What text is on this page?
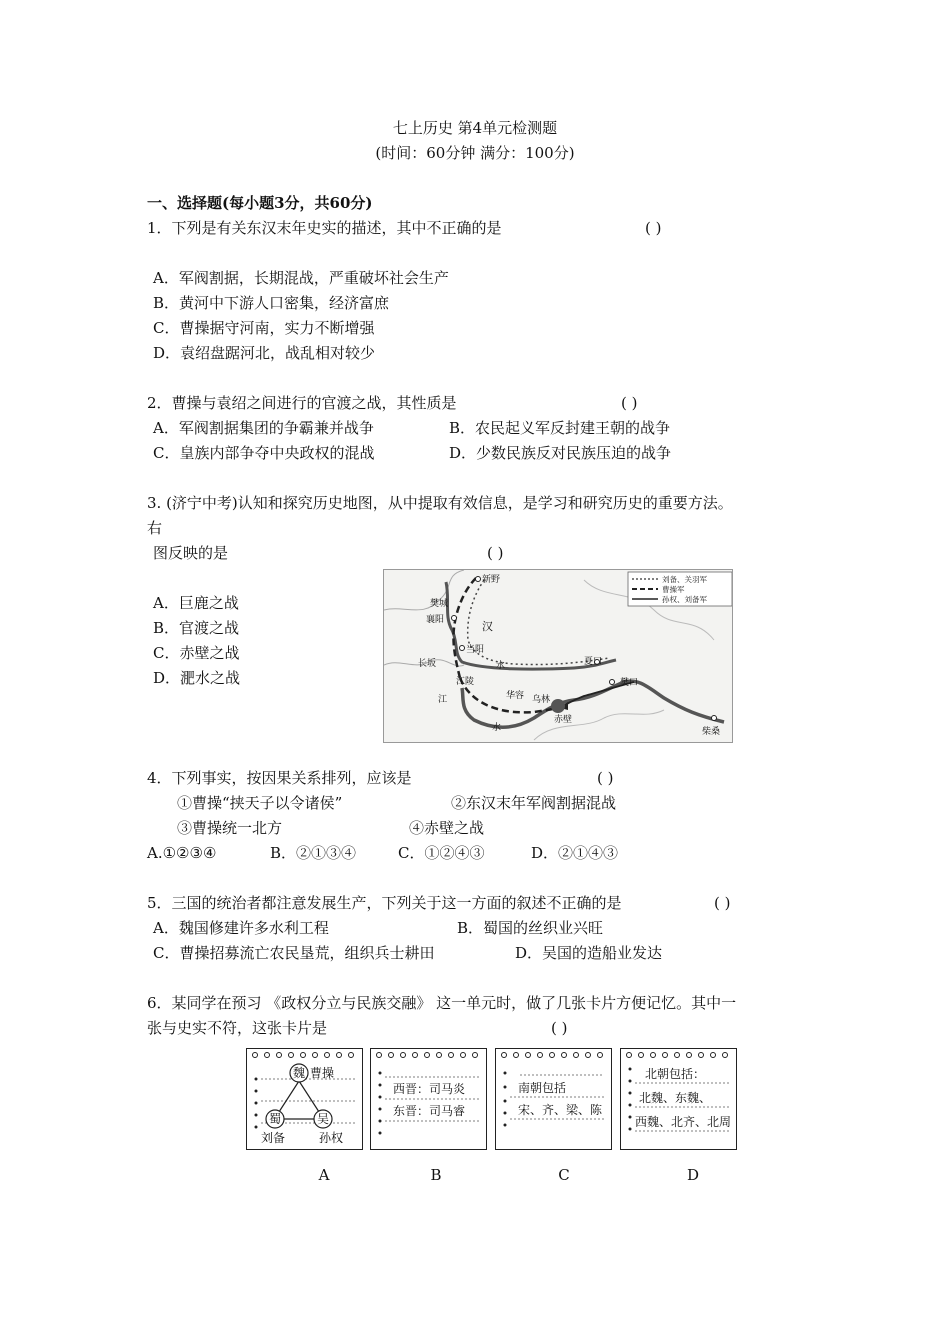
七上历史 第4单元检测题
(时间：60分钟 满分：100分)
一、选择题(每小题3分，共60分)
1．下列是有关东汉末年史实的描述，其中不正确的是	( )
A．军阀割据，长期混战，严重破坏社会生产
B．黄河中下游人口密集，经济富庶
C．曹操据守河南，实力不断增强
D．袁绍盘踞河北，战乱相对较少
2．曹操与袁绍之间进行的官渡之战，其性质是	( )
A．军阀割据集团的争霸兼并战争	B．农民起义军反封建王朝的战争
C．皇族内部争夺中央政权的混战	D．少数民族反对民族压迫的战争
3. (济宁中考)认知和探究历史地图，从中提取有效信息，是学习和研究历史的重要方法。
右
图反映的是	( )
A．巨鹿之战
B．官渡之战
C．赤壁之战
D．淝水之战
刘备、关羽军
曹操军
孙权、刘备军
新野
樊城
襄阳
当阳
长坂
江陵
汉
水	夏口
樊口
华容 乌林
赤壁
江
水	柴桑
4．下列事实，按因果关系排列，应该是	( )
①曹操“挟天子以令诸侯”	②东汉末年军阀割据混战
③曹操统一北方	④赤壁之战
A.①②③④	B．②①③④	C．①②④③	D．②①④③
5．三国的统治者都注意发展生产，下列关于这一方面的叙述不正确的是	( )
A．魏国修建许多水利工程	B．蜀国的丝织业兴旺
C．曹操招募流亡农民垦荒，组织兵士耕田	D．吴国的造船业发达
6．某同学在预习 《政权分立与民族交融》 这一单元时，做了几张卡片方便记忆。其中一
张与史实不符，这张卡片是	( )
魏 曹操
蜀	吴
刘备	孙权
西晋：司马炎
东晋：司马睿
南朝包括
宋、齐、梁、陈
北朝包括：
北魏、东魏、
西魏、北齐、北周
A	B	C	D
